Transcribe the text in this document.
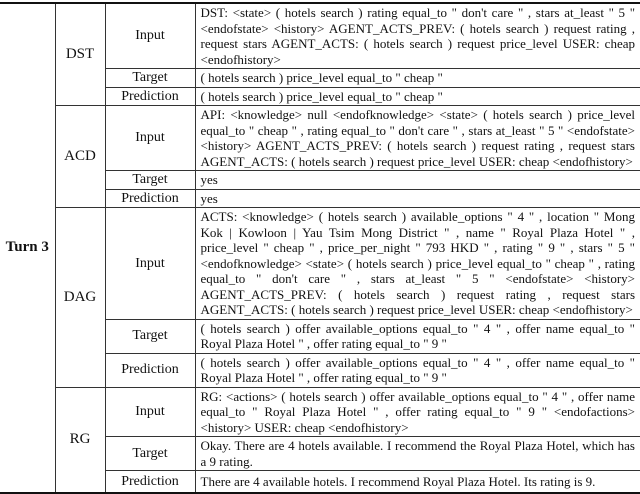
Turn 3	DST	Input	DST: <state> ( hotels search ) rating equal_to " don't care " , stars at_least " 5 " <endofstate> <history> AGENT_ACTS_PREV: ( hotels search ) request rating , request stars AGENT_ACTS: ( hotels search ) request price_level USER: cheap <endofhistory>
		Target	( hotels search ) price_level equal_to " cheap "
		Prediction	( hotels search ) price_level equal_to " cheap "
	ACD	Input	API: <knowledge> null <endofknowledge> <state> ( hotels search ) price_level equal_to " cheap " , rating equal_to " don't care " , stars at_least " 5 " <endofstate> <history> AGENT_ACTS_PREV: ( hotels search ) request rating , request stars AGENT_ACTS: ( hotels search ) request price_level USER: cheap <endofhistory>
		Target	yes
		Prediction	yes
	DAG	Input	ACTS: <knowledge> ( hotels search ) available_options " 4 " , location " Mong Kok | Kowloon | Yau Tsim Mong District " , name " Royal Plaza Hotel " , price_level " cheap " , price_per_night " 793 HKD " , rating " 9 " , stars " 5 " <endofknowledge> <state> ( hotels search ) price_level equal_to " cheap " , rating equal_to " don't care " , stars at_least " 5 " <endofstate> <history> AGENT_ACTS_PREV: ( hotels search ) request rating , request stars AGENT_ACTS: ( hotels search ) request price_level USER: cheap <endofhistory>
		Target	( hotels search ) offer available_options equal_to " 4 " , offer name equal_to " Royal Plaza Hotel " , offer rating equal_to " 9 "
		Prediction	( hotels search ) offer available_options equal_to " 4 " , offer name equal_to " Royal Plaza Hotel " , offer rating equal_to " 9 "
	RG	Input	RG: <actions> ( hotels search ) offer available_options equal_to " 4 " , offer name equal_to " Royal Plaza Hotel " , offer rating equal_to " 9 " <endofactions> <history> USER: cheap <endofhistory>
		Target	Okay. There are 4 hotels available. I recommend the Royal Plaza Hotel, which has a 9 rating.
		Prediction	There are 4 available hotels. I recommend Royal Plaza Hotel. Its rating is 9.
